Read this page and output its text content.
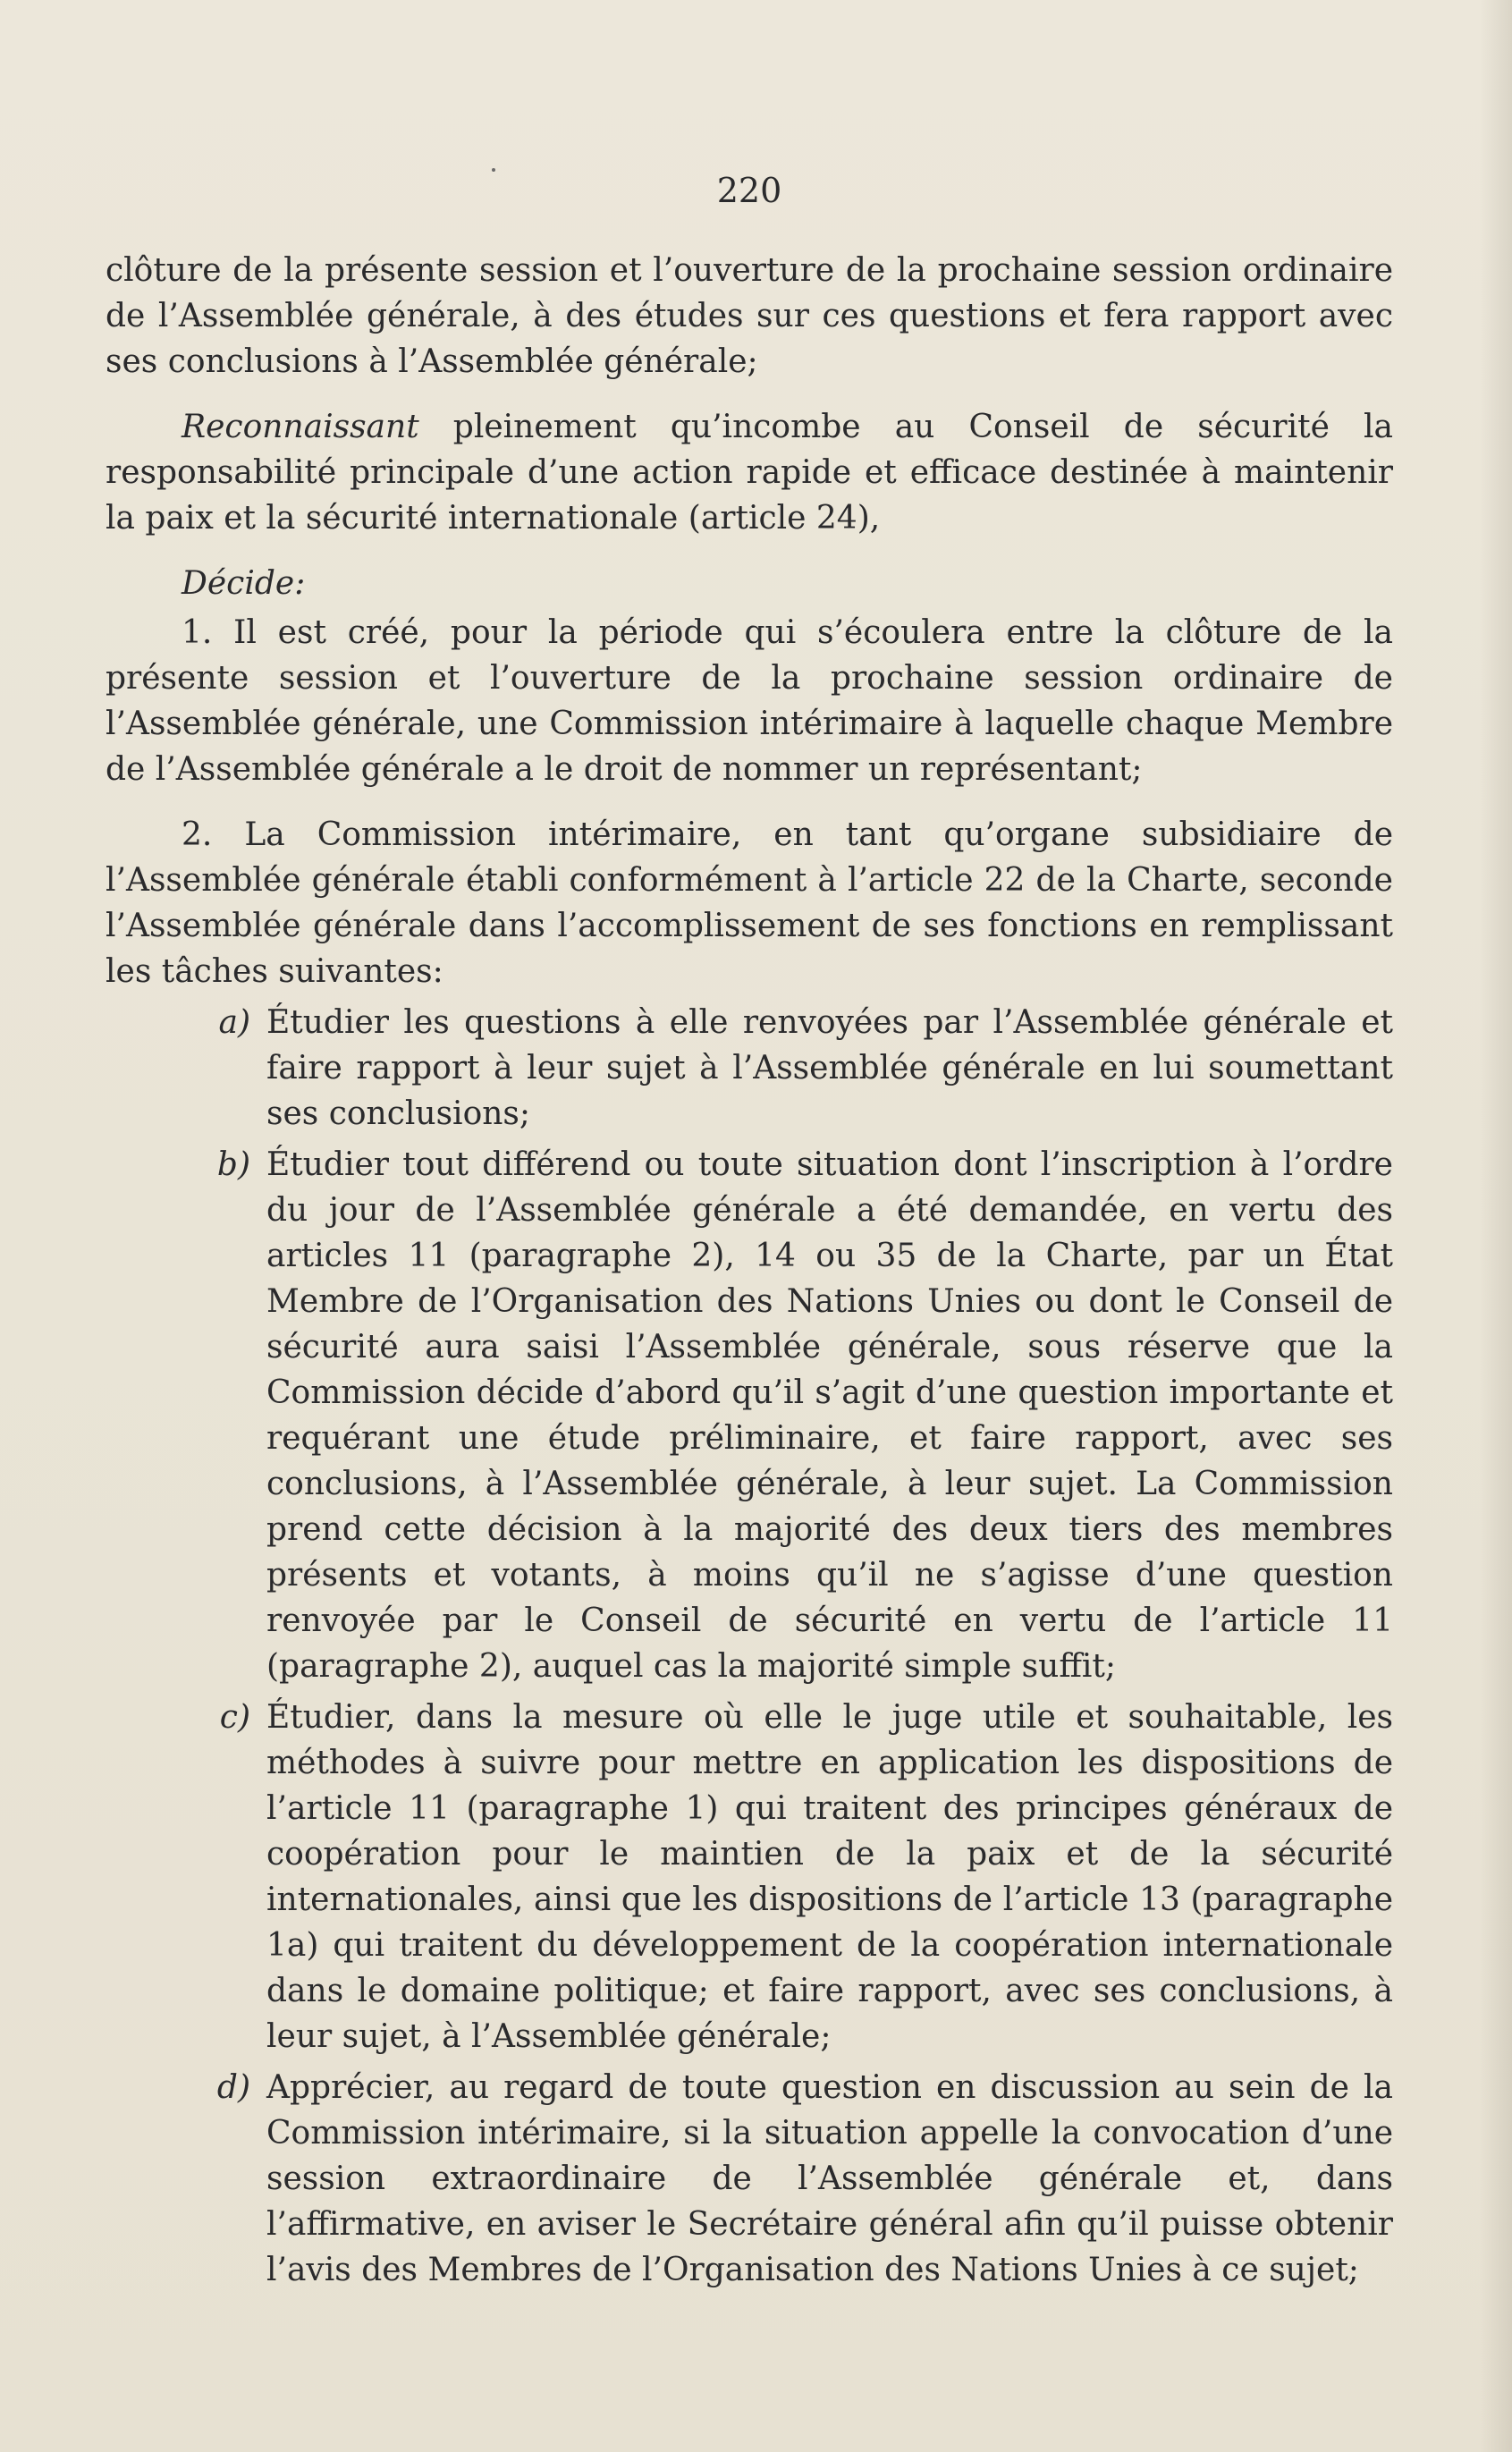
220

clôture de la présente session et l’ouverture de la prochaine session ordinaire de l’Assemblée générale, à des études sur ces questions et fera rapport avec ses conclusions à l’Assemblée générale;

Reconnaissant pleinement qu’incombe au Conseil de sécurité la responsabilité principale d’une action rapide et efficace destinée à maintenir la paix et la sécurité internationale (article 24),

Décide:

1. Il est créé, pour la période qui s’écoulera entre la clôture de la présente session et l’ouverture de la prochaine session ordinaire de l’Assemblée générale, une Commission intérimaire à laquelle chaque Membre de l’Assemblée générale a le droit de nommer un représentant;

2. La Commission intérimaire, en tant qu’organe subsidiaire de l’Assemblée générale établi conformément à l’article 22 de la Charte, seconde l’Assemblée générale dans l’accomplissement de ses fonctions en remplissant les tâches suivantes:

a) Étudier les questions à elle renvoyées par l’Assemblée générale et faire rapport à leur sujet à l’Assemblée générale en lui soumettant ses conclusions;
b) Étudier tout différend ou toute situation dont l’inscription à l’ordre du jour de l’Assemblée générale a été demandée, en vertu des articles 11 (paragraphe 2), 14 ou 35 de la Charte, par un État Membre de l’Organisation des Nations Unies ou dont le Conseil de sécurité aura saisi l’Assemblée générale, sous réserve que la Commission décide d’abord qu’il s’agit d’une question importante et requérant une étude préliminaire, et faire rapport, avec ses conclusions, à l’Assemblée générale, à leur sujet. La Commission prend cette décision à la majorité des deux tiers des membres présents et votants, à moins qu’il ne s’agisse d’une question renvoyée par le Conseil de sécurité en vertu de l’article 11 (paragraphe 2), auquel cas la majorité simple suffit;
c) Étudier, dans la mesure où elle le juge utile et souhaitable, les méthodes à suivre pour mettre en application les dispositions de l’article 11 (paragraphe 1) qui traitent des principes généraux de coopération pour le maintien de la paix et de la sécurité internationales, ainsi que les dispositions de l’article 13 (paragraphe 1a) qui traitent du développement de la coopération internationale dans le domaine politique; et faire rapport, avec ses conclusions, à leur sujet, à l’Assemblée générale;
d) Apprécier, au regard de toute question en discussion au sein de la Commission intérimaire, si la situation appelle la convocation d’une session extraordinaire de l’Assemblée générale et, dans l’affirmative, en aviser le Secrétaire général afin qu’il puisse obtenir l’avis des Membres de l’Organisation des Nations Unies à ce sujet;
